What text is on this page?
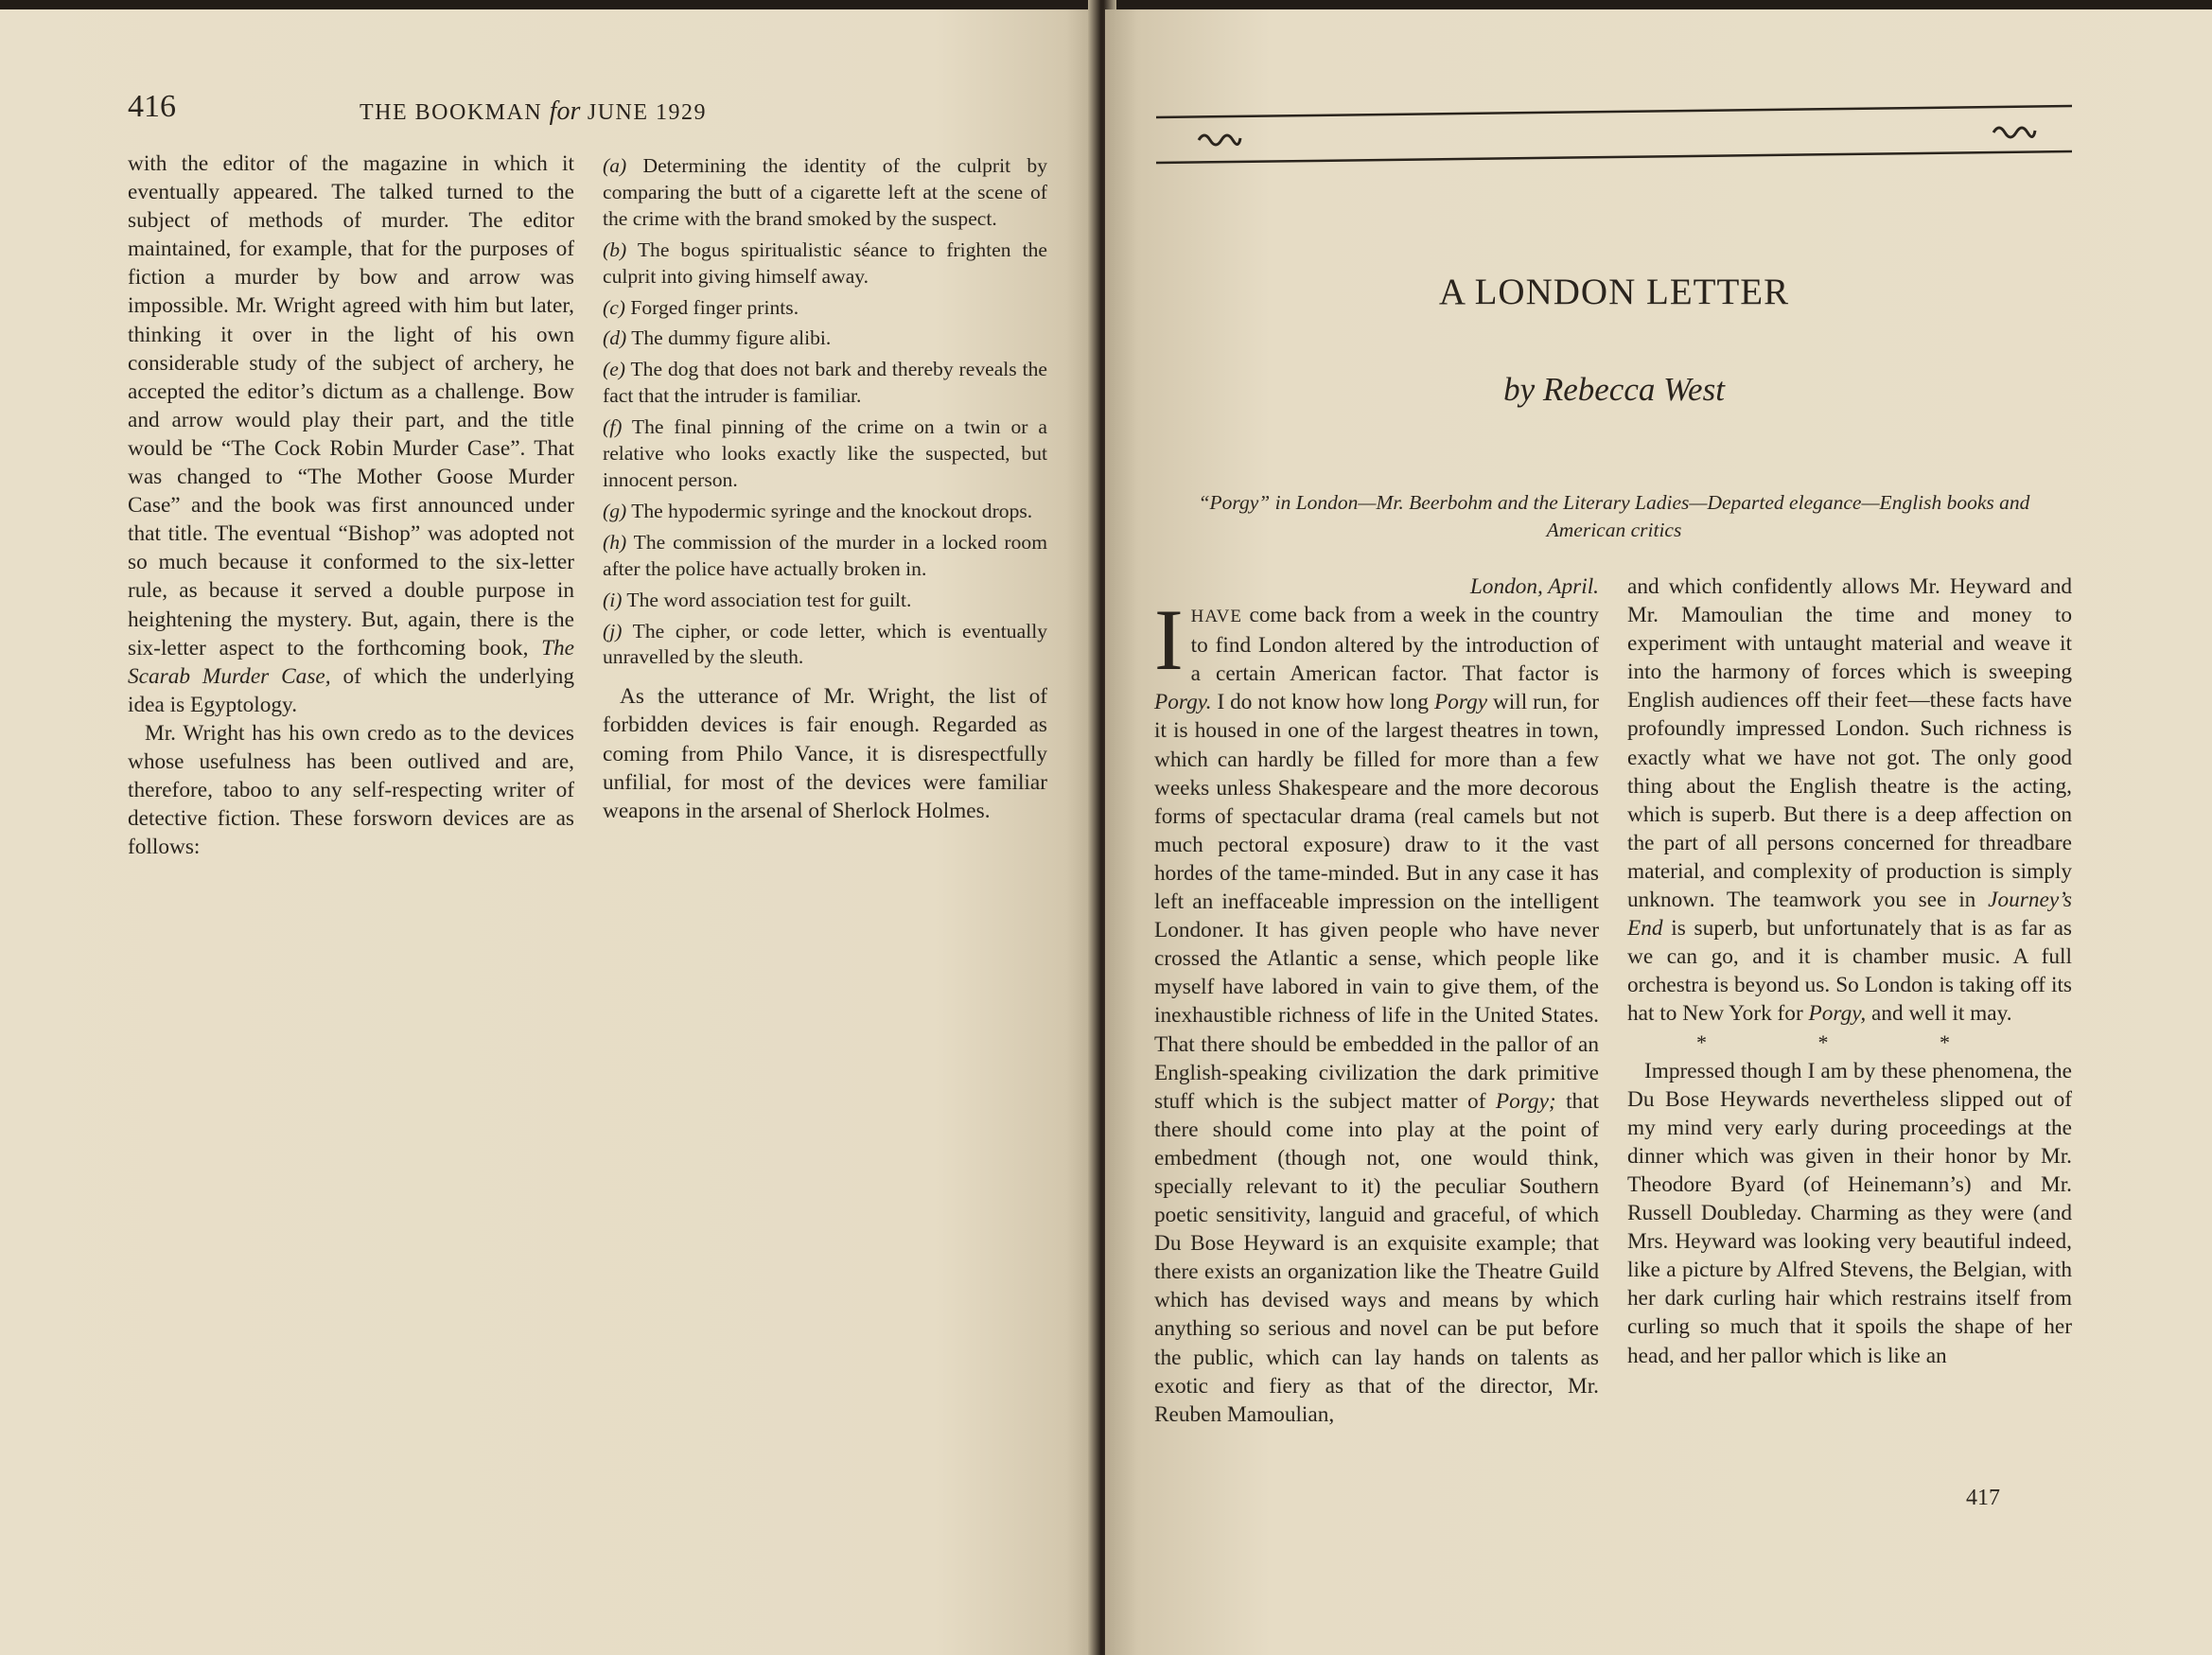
416	THE BOOKMAN for JUNE 1929

with the editor of the magazine in which it eventually appeared. The talked turned to the subject of methods of murder. The editor maintained, for example, that for the purposes of fiction a murder by bow and arrow was impossible. Mr. Wright agreed with him but later, thinking it over in the light of his own considerable study of the subject of archery, he accepted the editor’s dictum as a challenge. Bow and arrow would play their part, and the title would be “The Cock Robin Murder Case”. That was changed to “The Mother Goose Murder Case” and the book was first announced under that title. The eventual “Bishop” was adopted not so much because it conformed to the six-letter rule, as because it served a double purpose in heightening the mystery. But, again, there is the six-letter aspect to the forthcoming book, The Scarab Murder Case, of which the underlying idea is Egyptology.

Mr. Wright has his own credo as to the devices whose usefulness has been outlived and are, therefore, taboo to any self-respecting writer of detective fiction. These forsworn devices are as follows:

(a) Determining the identity of the culprit by comparing the butt of a cigarette left at the scene of the crime with the brand smoked by the suspect.

(b) The bogus spiritualistic séance to frighten the culprit into giving himself away.

(c) Forged finger prints.

(d) The dummy figure alibi.

(e) The dog that does not bark and thereby reveals the fact that the intruder is familiar.

(f) The final pinning of the crime on a twin or a relative who looks exactly like the suspected, but innocent person.

(g) The hypodermic syringe and the knockout drops.

(h) The commission of the murder in a locked room after the police have actually broken in.

(i) The word association test for guilt.

(j) The cipher, or code letter, which is eventually unravelled by the sleuth.

As the utterance of Mr. Wright, the list of forbidden devices is fair enough. Regarded as coming from Philo Vance, it is disrespectfully unfilial, for most of the devices were familiar weapons in the arsenal of Sherlock Holmes.

A LONDON LETTER
by Rebecca West
“Porgy” in London—Mr. Beerbohm and the Literary Ladies—Departed elegance—English books and American critics

London, April.

IHAVE come back from a week in the country to find London altered by the introduction of a certain American factor. That factor is Porgy. I do not know how long Porgy will run, for it is housed in one of the largest theatres in town, which can hardly be filled for more than a few weeks unless Shakespeare and the more decorous forms of spectacular drama (real camels but not much pectoral exposure) draw to it the vast hordes of the tame-minded. But in any case it has left an ineffaceable impression on the intelligent Londoner. It has given people who have never crossed the Atlantic a sense, which people like myself have labored in vain to give them, of the inexhaustible richness of life in the United States. That there should be embedded in the pallor of an English-speaking civilization the dark primitive stuff which is the subject matter of Porgy; that there should come into play at the point of embedment (though not, one would think, specially relevant to it) the peculiar Southern poetic sensitivity, languid and graceful, of which Du Bose Heyward is an exquisite example; that there exists an organization like the Theatre Guild which has devised ways and means by which anything so serious and novel can be put before the public, which can lay hands on talents as exotic and fiery as that of the director, Mr. Reuben Mamoulian,

and which confidently allows Mr. Heyward and Mr. Mamoulian the time and money to experiment with untaught material and weave it into the harmony of forces which is sweeping English audiences off their feet—these facts have profoundly impressed London. Such richness is exactly what we have not got. The only good thing about the English theatre is the acting, which is superb. But there is a deep affection on the part of all persons concerned for threadbare material, and complexity of production is simply unknown. The teamwork you see in Journey’s End is superb, but unfortunately that is as far as we can go, and it is chamber music. A full orchestra is beyond us. So London is taking off its hat to New York for Porgy, and well it may.

* * *

Impressed though I am by these phenomena, the Du Bose Heywards nevertheless slipped out of my mind very early during proceedings at the dinner which was given in their honor by Mr. Theodore Byard (of Heinemann’s) and Mr. Russell Doubleday. Charming as they were (and Mrs. Heyward was looking very beautiful indeed, like a picture by Alfred Stevens, the Belgian, with her dark curling hair which restrains itself from curling so much that it spoils the shape of her head, and her pallor which is like an

417
